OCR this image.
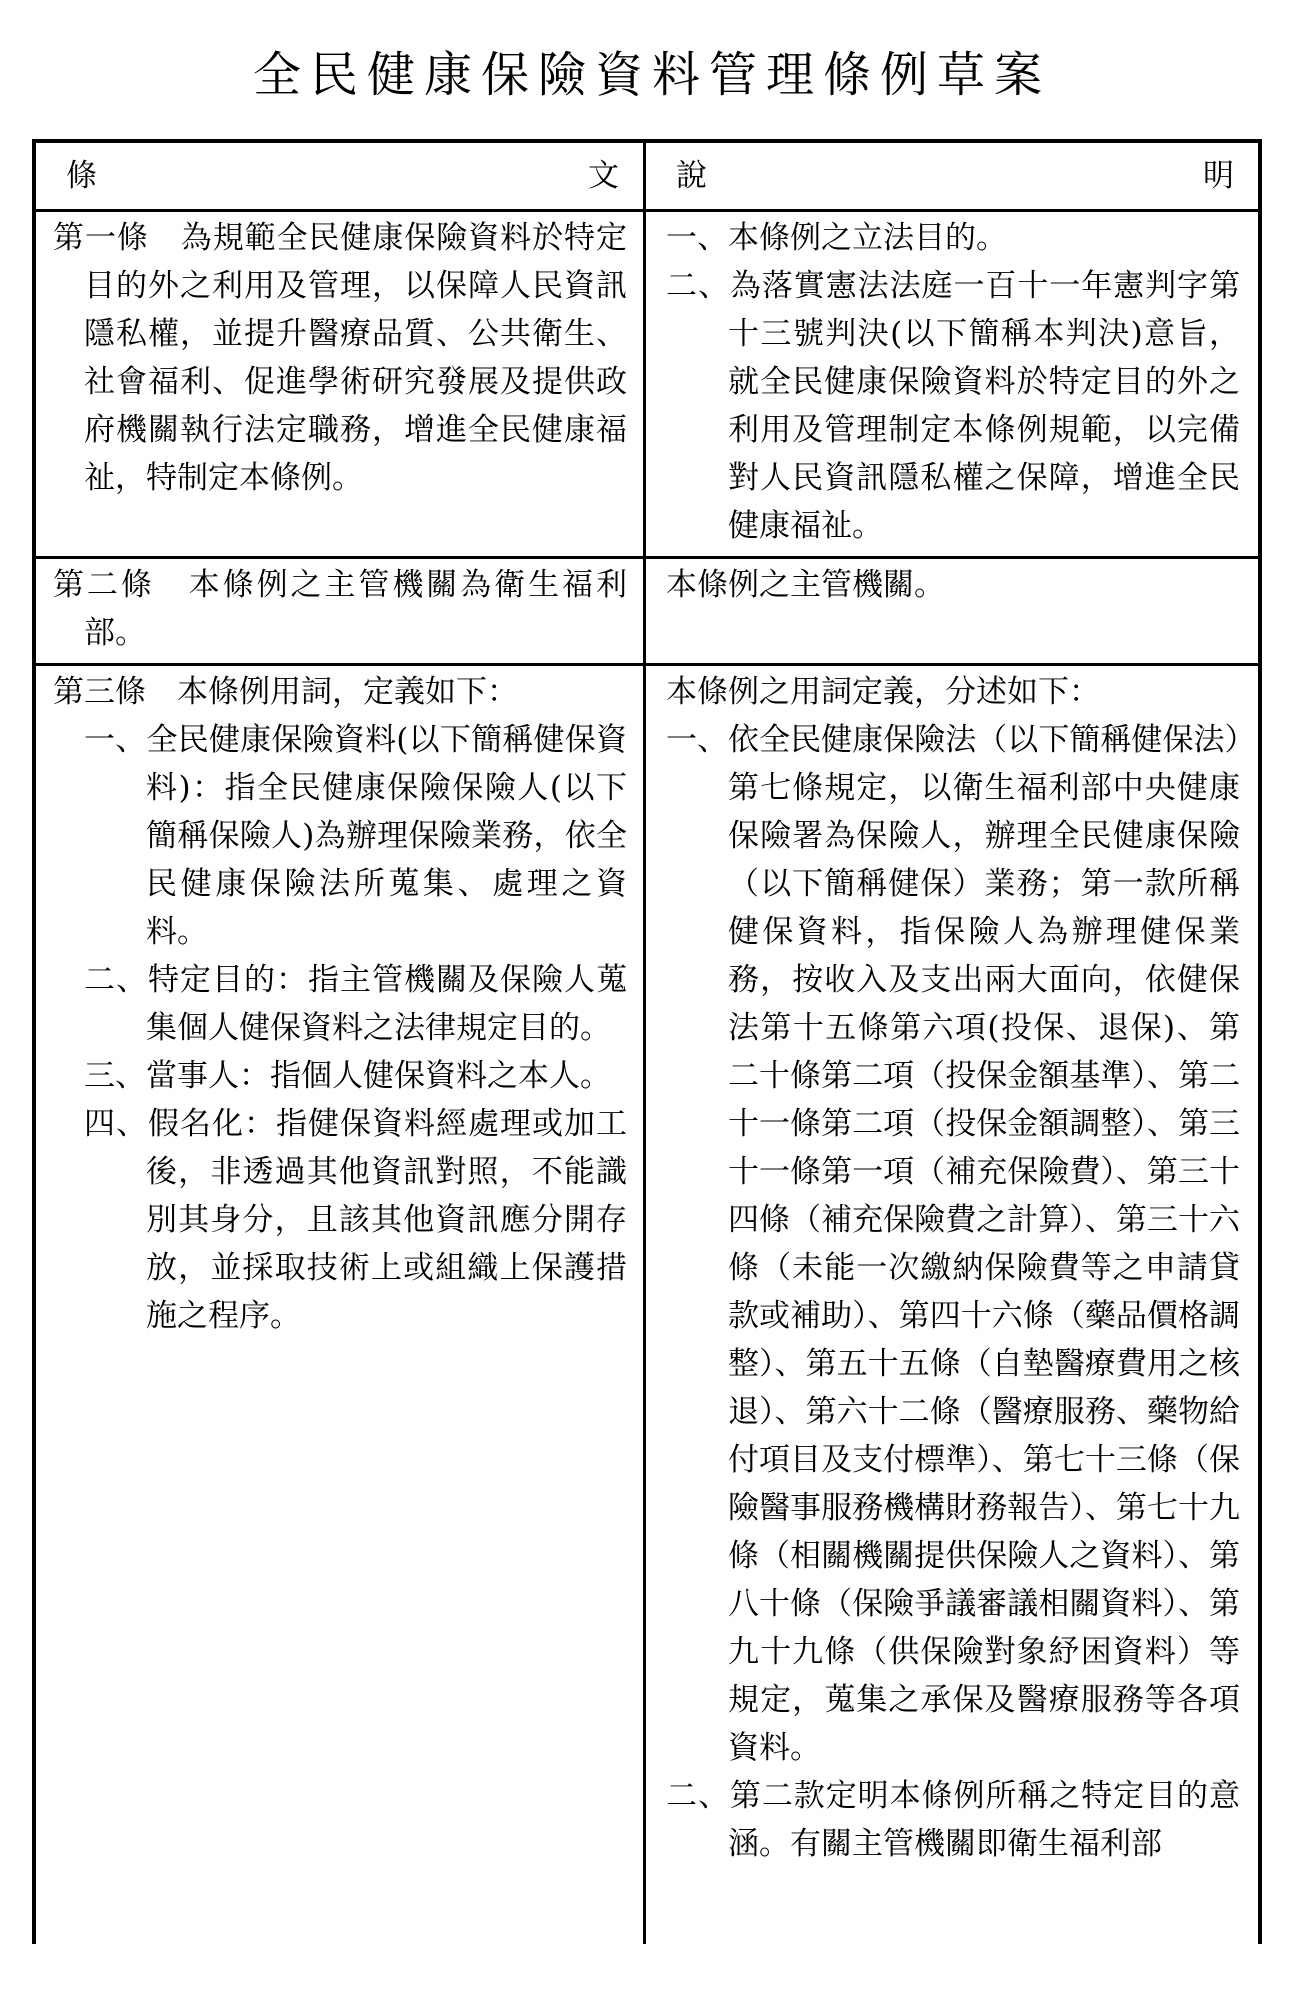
全民健康保險資料管理條例草案
條	文 說	明

第一條　為規範全民健康保險資料於特定目的外之利用及管理，以保障人民資訊隱私權，並提升醫療品質、公共衛生、社會福利、促進學術研究發展及提供政府機關執行法定職務，增進全民健康福祉，特制定本條例。

一、本條例之立法目的。

二、為落實憲法法庭一百十一年憲判字第十三號判決(以下簡稱本判決)意旨，就全民健康保險資料於特定目的外之利用及管理制定本條例規範，以完備對人民資訊隱私權之保障，增進全民健康福祉。

第二條　本條例之主管機關為衛生福利部。

本條例之主管機關。

第三條　本條例用詞，定義如下：

一、全民健康保險資料(以下簡稱健保資料)：指全民健康保險保險人(以下簡稱保險人)為辦理保險業務，依全民健康保險法所蒐集、處理之資料。

二、特定目的：指主管機關及保險人蒐集個人健保資料之法律規定目的。

三、當事人：指個人健保資料之本人。

四、假名化：指健保資料經處理或加工後，非透過其他資訊對照，不能識別其身分，且該其他資訊應分開存放，並採取技術上或組織上保護措施之程序。

本條例之用詞定義，分述如下：

一、依全民健康保險法（以下簡稱健保法）第七條規定，以衛生福利部中央健康保險署為保險人，辦理全民健康保險（以下簡稱健保）業務；第一款所稱健保資料，指保險人為辦理健保業務，按收入及支出兩大面向，依健保法第十五條第六項(投保、退保)、第二十條第二項（投保金額基準）、第二十一條第二項（投保金額調整）、第三十一條第一項（補充保險費）、第三十四條（補充保險費之計算）、第三十六條（未能一次繳納保險費等之申請貸款或補助）、第四十六條（藥品價格調整）、第五十五條（自墊醫療費用之核退）、第六十二條（醫療服務、藥物給付項目及支付標準）、第七十三條（保險醫事服務機構財務報告）、第七十九條（相關機關提供保險人之資料）、第八十條（保險爭議審議相關資料）、第九十九條（供保險對象紓困資料）等規定，蒐集之承保及醫療服務等各項資料。

二、第二款定明本條例所稱之特定目的意涵。有關主管機關即衛生福利部
